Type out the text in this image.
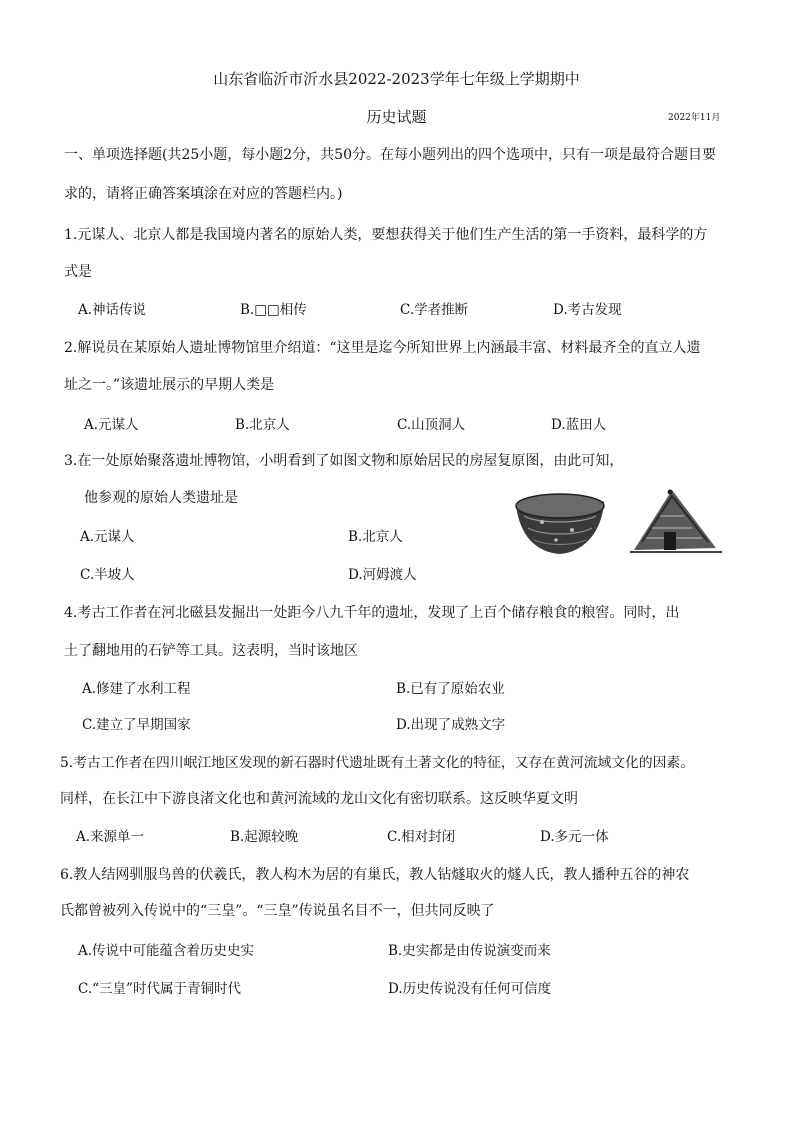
山东省临沂市沂水县2022-2023学年七年级上学期期中
历史试题	2022年11月
一、单项选择题(共25小题，每小题2分，共50分。在每小题列出的四个选项中，只有一项是最符合题目要
求的，请将正确答案填涂在对应的答题栏内。)
1.元谋人、北京人都是我国境内著名的原始人类，要想获得关于他们生产生活的第一手资料，最科学的方
式是
A.神话传说	B.□□相传	C.学者推断	D.考古发现
2.解说员在某原始人遗址博物馆里介绍道：“这里是迄今所知世界上内涵最丰富、材料最齐全的直立人遗
址之一。”该遗址展示的早期人类是
A.元谋人	B.北京人	C.山顶洞人	D.蓝田人
3.在一处原始聚落遗址博物馆，小明看到了如图文物和原始居民的房屋复原图，由此可知，
他参观的原始人类遗址是
A.元谋人	B.北京人
C.半坡人	D.河姆渡人
4.考古工作者在河北磁县发掘出一处距今八九千年的遗址，发现了上百个储存粮食的粮窖。同时，出
土了翻地用的石铲等工具。这表明，当时该地区
A.修建了水利工程	B.已有了原始农业
C.建立了早期国家	D.出现了成熟文字
5.考古工作者在四川岷江地区发现的新石器时代遗址既有土著文化的特征，又存在黄河流域文化的因素。
同样，在长江中下游良渚文化也和黄河流域的龙山文化有密切联系。这反映华夏文明
A.来源单一	B.起源较晚	C.相对封闭	D.多元一体
6.教人结网驯服鸟兽的伏羲氏，教人构木为居的有巢氏，教人钻燧取火的燧人氏，教人播种五谷的神农
氏都曾被列入传说中的“三皇”。“三皇”传说虽名目不一，但共同反映了
A.传说中可能蕴含着历史史实	B.史实都是由传说演变而来
C.“三皇”时代属于青铜时代	D.历史传说没有任何可信度
